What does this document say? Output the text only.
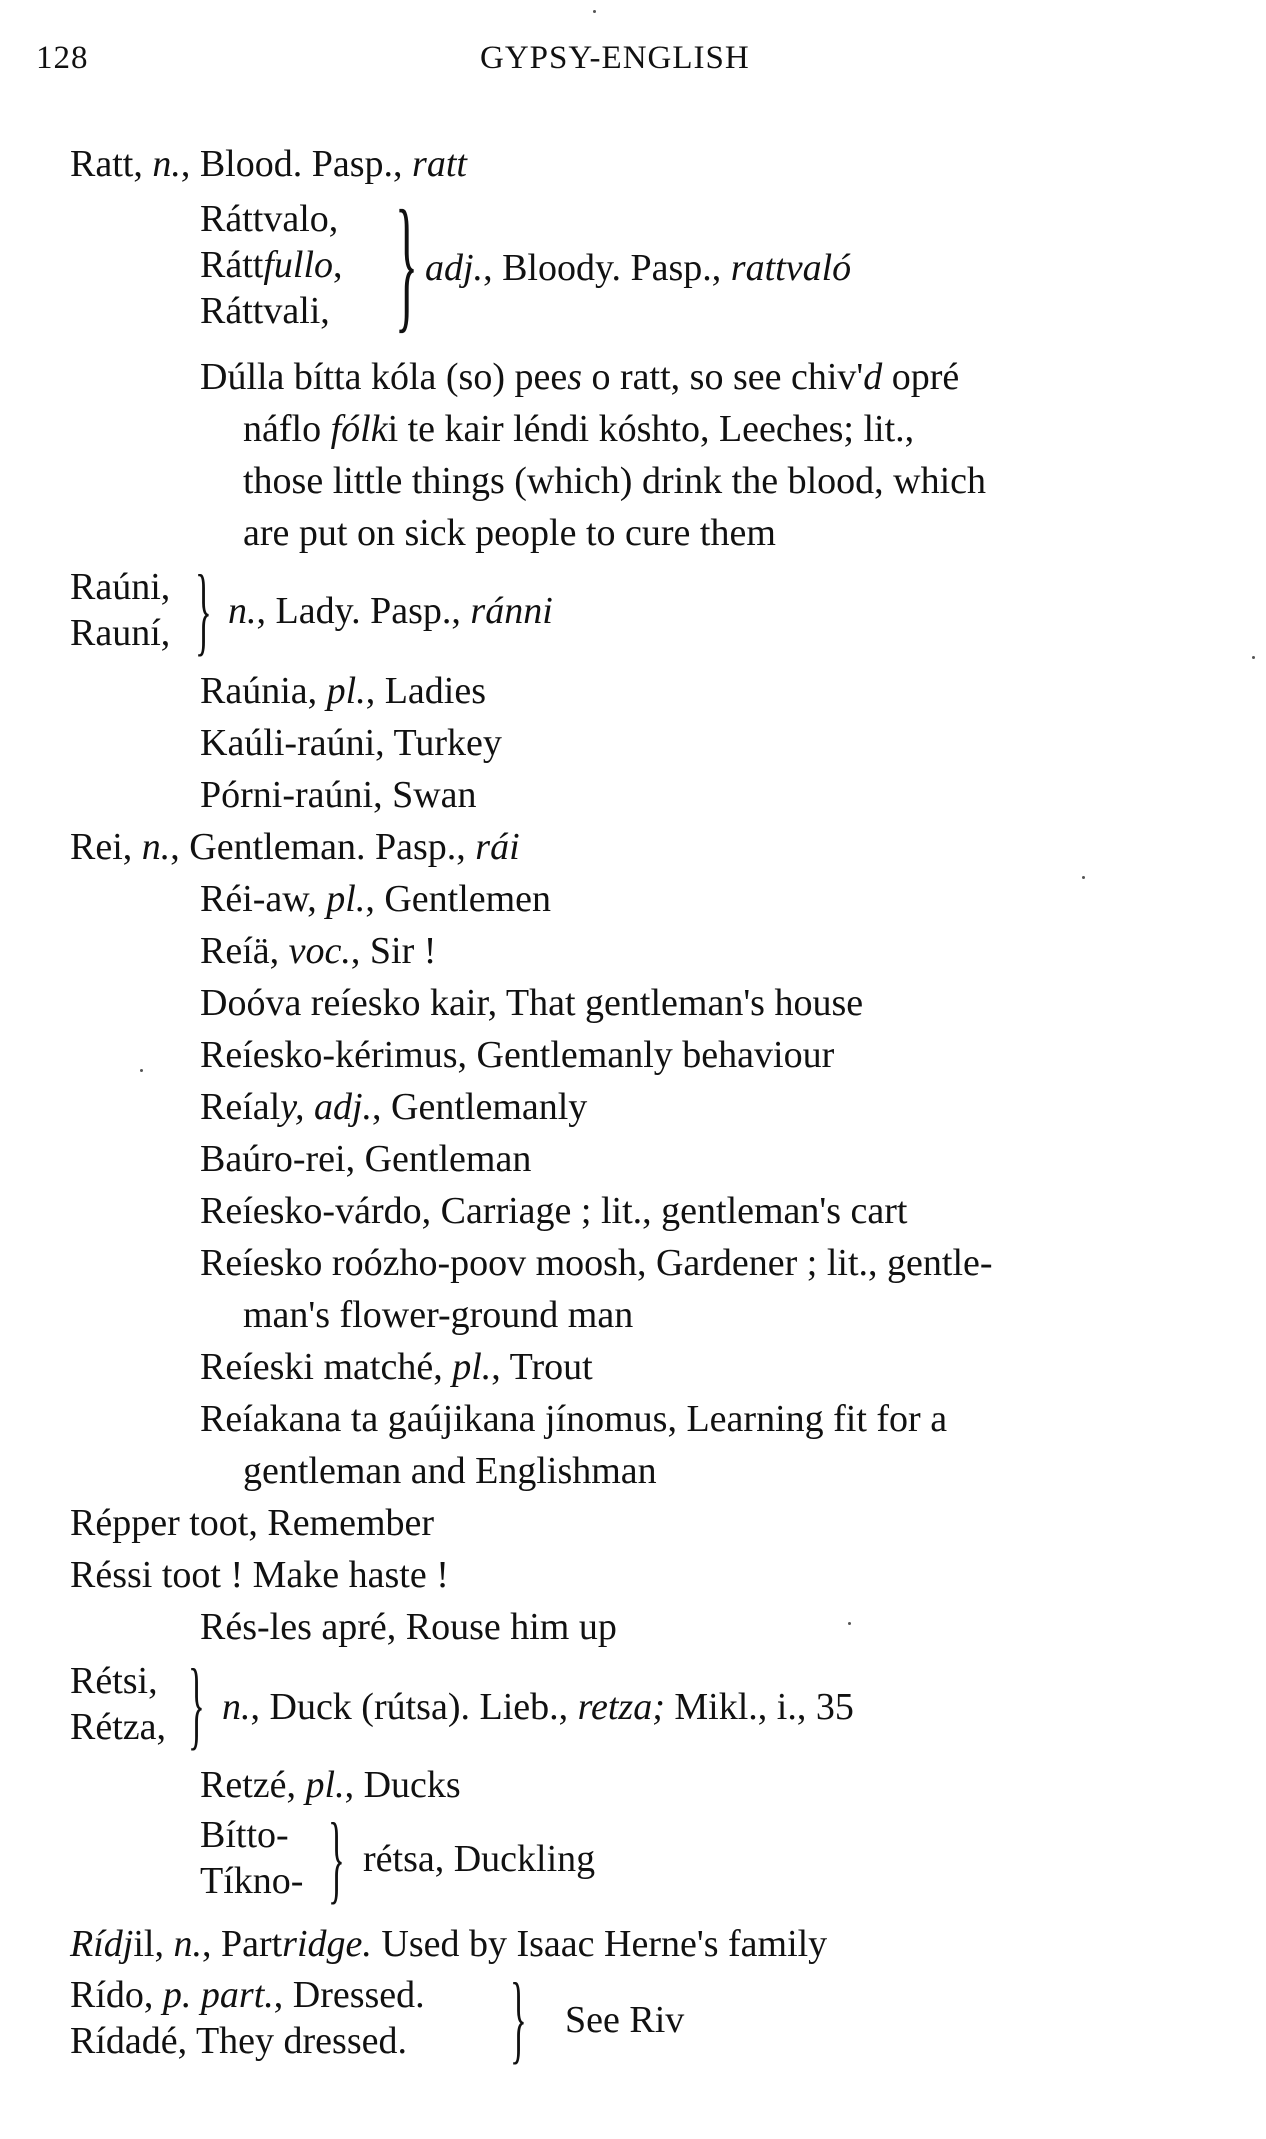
128	GYPSY-ENGLISH
Ratt, n., Blood. Pasp., ratt
Ráttvalo,
Ráttfullo,
Ráttvali, } adj., Bloody. Pasp., rattvaló
Dúlla bítta kóla (so) pees o ratt, so see chiv'd opré
náflo fólki te kair léndi kóshto, Leeches; lit.,
those little things (which) drink the blood, which
are put on sick people to cure them
Raúni,
Rauní, } n., Lady. Pasp., ránni
Raúnia, pl., Ladies
Kaúli-raúni, Turkey
Pórni-raúni, Swan
Rei, n., Gentleman. Pasp., rái
Réi-aw, pl., Gentlemen
Reíä, voc., Sir !
Doóva reíesko kair, That gentleman's house
Reíesko-kérimus, Gentlemanly behaviour
Reíaly, adj., Gentlemanly
Baúro-rei, Gentleman
Reíesko-várdo, Carriage ; lit., gentleman's cart
Reíesko roózho-poov moosh, Gardener ; lit., gentle-
man's flower-ground man
Reíeski matché, pl., Trout
Reíakana ta gaújikana jínomus, Learning fit for a
gentleman and Englishman
Répper toot, Remember
Réssi toot ! Make haste !
Rés-les apré, Rouse him up
Rétsi,
Rétza, } n., Duck (rútsa). Lieb., retza; Mikl., i., 35
Retzé, pl., Ducks
Bítto-
Tíkno- } rétsa, Duckling
Rídjil, n., Partridge. Used by Isaac Herne's family
Rído, p. part., Dressed.
Rídadé, They dressed. } See Riv
